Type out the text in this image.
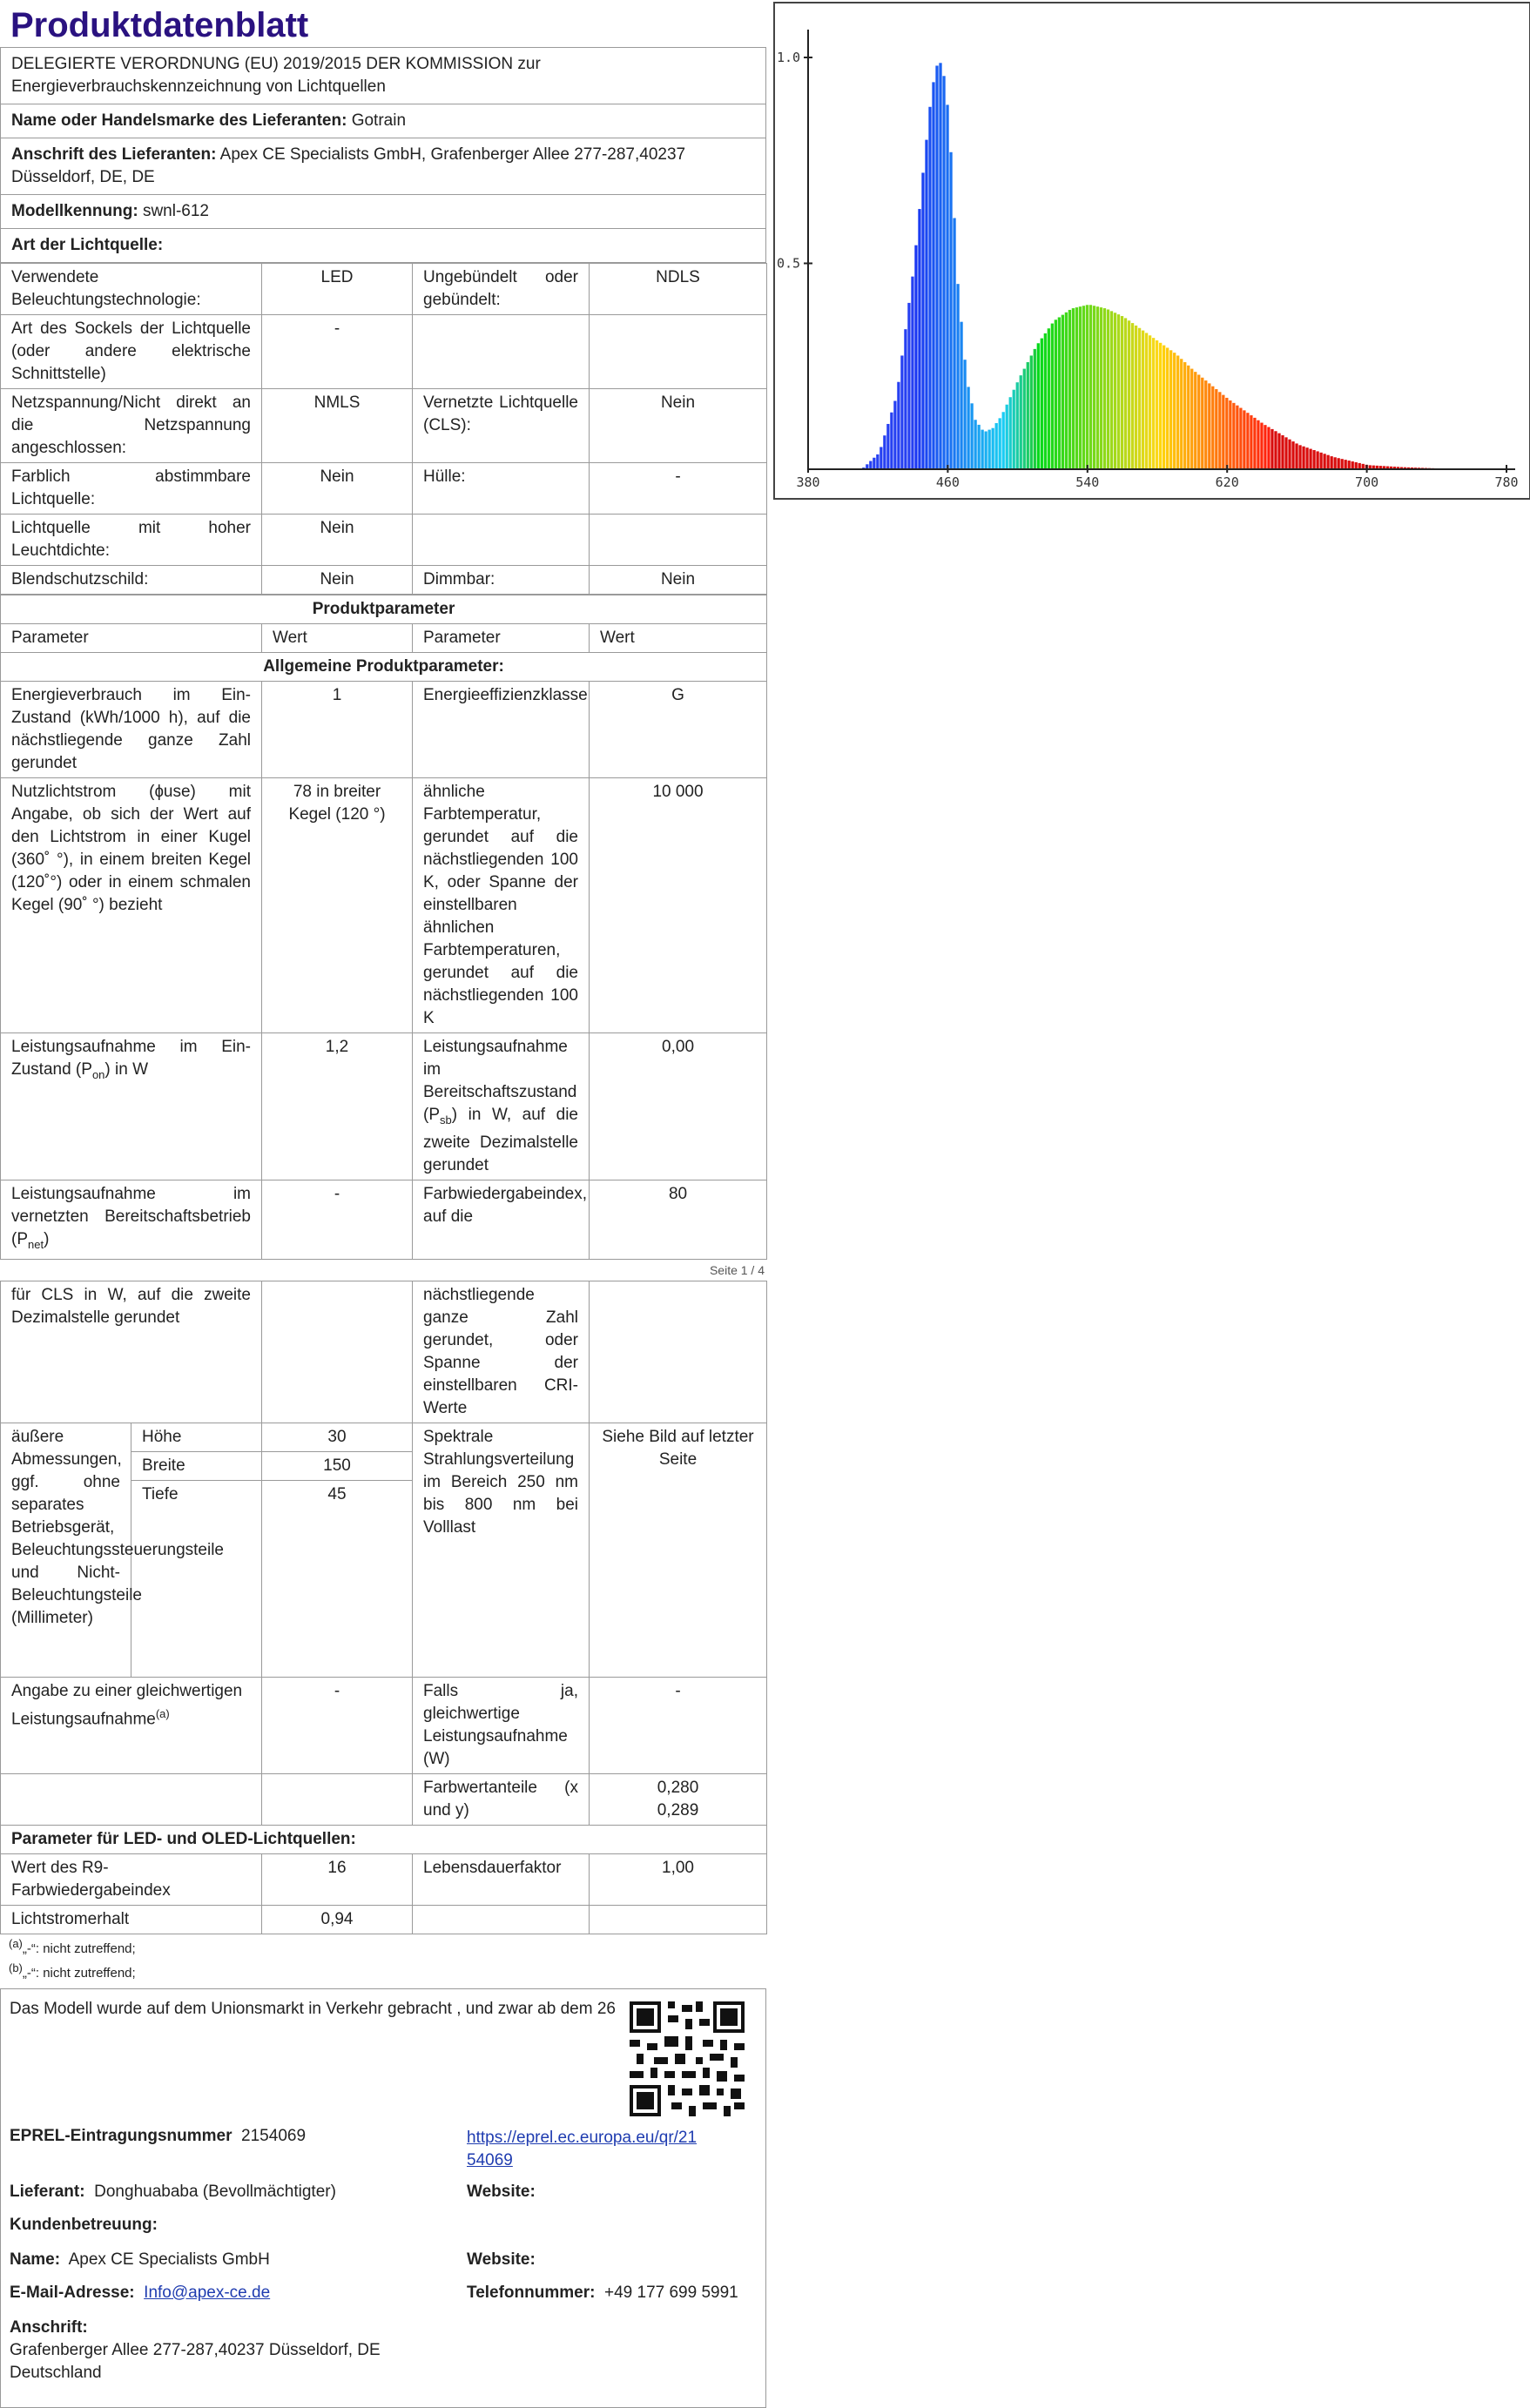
Produktdatenblatt
DELEGIERTE VERORDNUNG (EU) 2019/2015 DER KOMMISSION zur Energieverbrauchskennzeichnung von Lichtquellen
Name oder Handelsmarke des Lieferanten: Gotrain
Anschrift des Lieferanten: Apex CE Specialists GmbH, Grafenberger Allee 277-287,40237 Düsseldorf, DE, DE
Modellkennung: swnl-612
Art der Lichtquelle:
Verwendete Beleuchtungstechnologie:	LED	Ungebündelt oder gebündelt:	NDLS
Art des Sockels der Lichtquelle (oder andere elektrische Schnittstelle)	-		
Netzspannung/Nicht direkt an die Netzspannung angeschlossen:	NMLS	Vernetzte Lichtquelle (CLS):	Nein
Farblich abstimmbare Lichtquelle:	Nein	Hülle:	-
Lichtquelle mit hoher Leuchtdichte:	Nein		
Blendschutzschild:	Nein	Dimmbar:	Nein
Produktparameter			
Parameter	Wert	Parameter	Wert
Allgemeine Produktparameter:			
Energieverbrauch im Ein-Zustand (kWh/1000 h), auf die nächstliegende ganze Zahl gerundet	1	Energieeffizienzklasse	G
Nutzlichtstrom (ɸuse) mit Angabe, ob sich der Wert auf den Lichtstrom in einer Kugel (360˚ °), in einem breiten Kegel (120˚°) oder in einem schmalen Kegel (90˚ °) bezieht	78 in breiter Kegel (120 °)	ähnliche Farbtemperatur, gerundet auf die nächstliegenden 100 K, oder Spanne der einstellbaren ähnlichen Farbtemperaturen, gerundet auf die nächstliegenden 100 K	10 000
Leistungsaufnahme im Ein-Zustand $(P_{on})$ in W	1,2	Leistungsaufnahme im Bereitschaftszustand $(P_{sb})$ in W, auf die zweite Dezimalstelle gerundet	0,00
Leistungsaufnahme im vernetzten Bereitschaftsbetrieb $(P_{net})$	-	Farbwiedergabeindex, auf die	80
Seite 1 / 4
für CLS in W, auf die zweite Dezimalstelle gerundet			nächstliegende ganze Zahl gerundet, oder Spanne der einstellbaren CRI-Werte	
äußere Abmessungen, ggf. ohne separates Betriebsgerät, Beleuchtungssteuerungsteile und Nicht-Beleuchtungsteile (Millimeter)	Höhe	30	Spektrale Strahlungsverteilung im Bereich 250 nm bis 800 nm bei Volllast	Siehe Bild auf letzter Seite
	Breite	150		
	Tiefe	45		
Angabe zu einer gleichwertigen Leistungsaufnahme$^{(a)}$		-	Falls ja, gleichwertige Leistungsaufnahme (W)	-
			Farbwertanteile (x und y)	0,280
0,289
Parameter für LED- und OLED-Lichtquellen:				
Wert des R9-Farbwiedergabeindex		16	Lebensdauerfaktor	1,00
Lichtstromerhalt		0,94		
$^{(a)}$„-“: nicht zutreffend;
$^{(b)}$„-“: nicht zutreffend;
Das Modell wurde auf dem Unionsmarkt in Verkehr gebracht , und zwar ab dem 26
EPREL-Eintragungsnummer 2154069	https://eprel.ec.europa.eu/qr/21
54069
Lieferant: Donghuababa (Bevollmächtigter)	Website:
Kundenbetreuung:
Name: Apex CE Specialists GmbH	Website:
E-Mail-Adresse: Info@apex-ce.de	Telefonnummer: +49 177 699 5991
Anschrift:
Grafenberger Allee 277-287,40237 Düsseldorf, DE
Deutschland
380	460	540	620	700	780
0.5
1.0
